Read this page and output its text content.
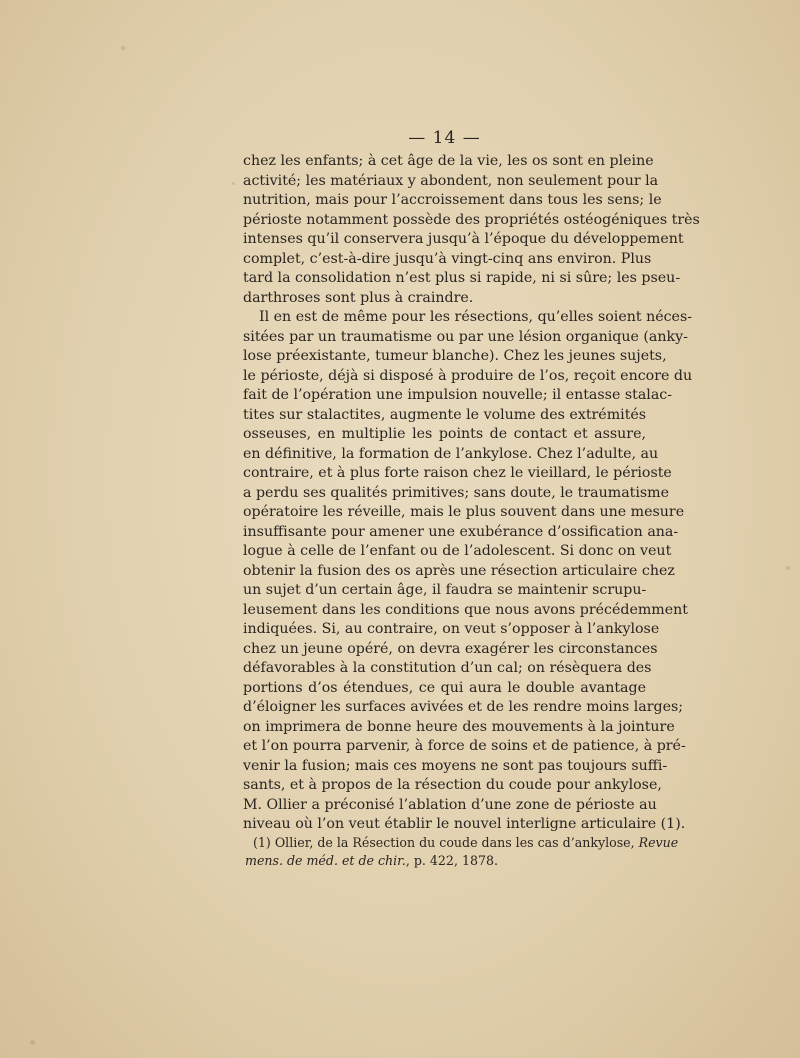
— 14 —
chez les enfants; à cet âge de la vie, les os sont en pleine
activité; les matériaux y abondent, non seulement pour la
nutrition, mais pour l’accroissement dans tous les sens; le
périoste notamment possède des propriétés ostéogéniques très
intenses qu’il conservera jusqu’à l’époque du développement
complet, c’est-à-dire jusqu’à vingt-cinq ans environ. Plus
tard la consolidation n’est plus si rapide, ni si sûre; les pseu-
darthroses sont plus à craindre.
Il en est de même pour les résections, qu’elles soient néces-
sitées par un traumatisme ou par une lésion organique (anky-
lose préexistante, tumeur blanche). Chez les jeunes sujets,
le périoste, déjà si disposé à produire de l’os, reçoit encore du
fait de l’opération une impulsion nouvelle; il entasse stalac-
tites sur stalactites, augmente le volume des extrémités
osseuses, en multiplie les points de contact et assure,
en définitive, la formation de l’ankylose. Chez l’adulte, au
contraire, et à plus forte raison chez le vieillard, le périoste
a perdu ses qualités primitives; sans doute, le traumatisme
opératoire les réveille, mais le plus souvent dans une mesure
insuffisante pour amener une exubérance d’ossification ana-
logue à celle de l’enfant ou de l’adolescent. Si donc on veut
obtenir la fusion des os après une résection articulaire chez
un sujet d’un certain âge, il faudra se maintenir scrupu-
leusement dans les conditions que nous avons précédemment
indiquées. Si, au contraire, on veut s’opposer à l’ankylose
chez un jeune opéré, on devra exagérer les circonstances
défavorables à la constitution d’un cal; on résèquera des
portions d’os étendues, ce qui aura le double avantage
d’éloigner les surfaces avivées et de les rendre moins larges;
on imprimera de bonne heure des mouvements à la jointure
et l’on pourra parvenir, à force de soins et de patience, à pré-
venir la fusion; mais ces moyens ne sont pas toujours suffi-
sants, et à propos de la résection du coude pour ankylose,
M. Ollier a préconisé l’ablation d’une zone de périoste au
niveau où l’on veut établir le nouvel interligne articulaire (1).
(1) Ollier, de la Résection du coude dans les cas d’ankylose, Revue
mens. de méd. et de chir., p. 422, 1878.
